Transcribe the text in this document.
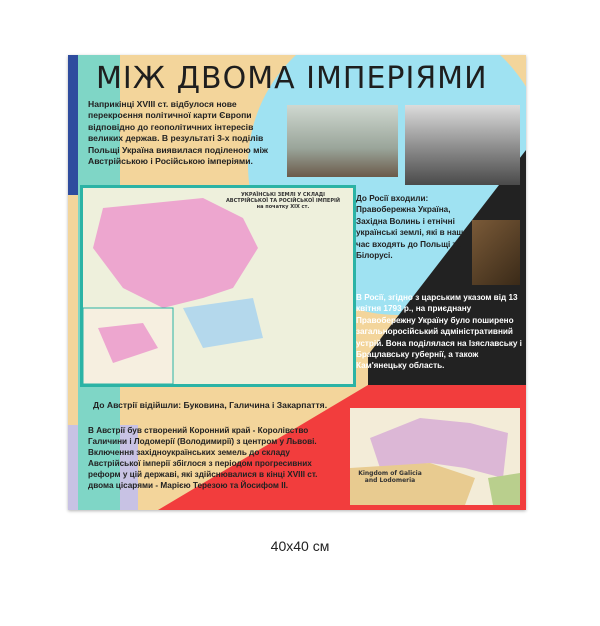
МІЖ ДВОМА ІМПЕРІЯМИ
Наприкінці XVIII ст. відбулося нове перекроєння політичної карти Європи відповідно до геополітичних інтересів великих держав. В результаті 3-х поділів Польщі Україна виявилася поділеною між Австрійською і Російською імперіями.
УКРАЇНСЬКІ ЗЕМЛІ У СКЛАДІ АВСТРІЙСЬКОЇ ТА РОСІЙСЬКОЇ ІМПЕРІЙ на початку XIX ст.
До Росії входили: Правобережна Україна, Західна Волинь і етнічні українські землі, які в наш час входять до Польщі та Білорусі.
В Росії, згідно з царським указом від 13 квітня 1793 р., на приєднану Правобережну Україну було поширено загальноросійський адміністративний устрій. Вона поділялася на Ізяславську і Брацлавську губернії, а також Кам'янецьку область.
До Австрії відійшли: Буковина, Галичина і Закарпаття.
В Австрії був створений Коронний край - Королівство Галичини і Лодомерії (Володимирії) з центром у Львові. Включення західноукраїнських земель до складу Австрійської імперії збіглося з періодом прогресивних реформ у цій державі, які здійснювалися в кінці XVIII ст. двома цісарями - Марією Терезою та Йосифом II.
Kingdom of Galicia and Lodomeria
40x40 см
